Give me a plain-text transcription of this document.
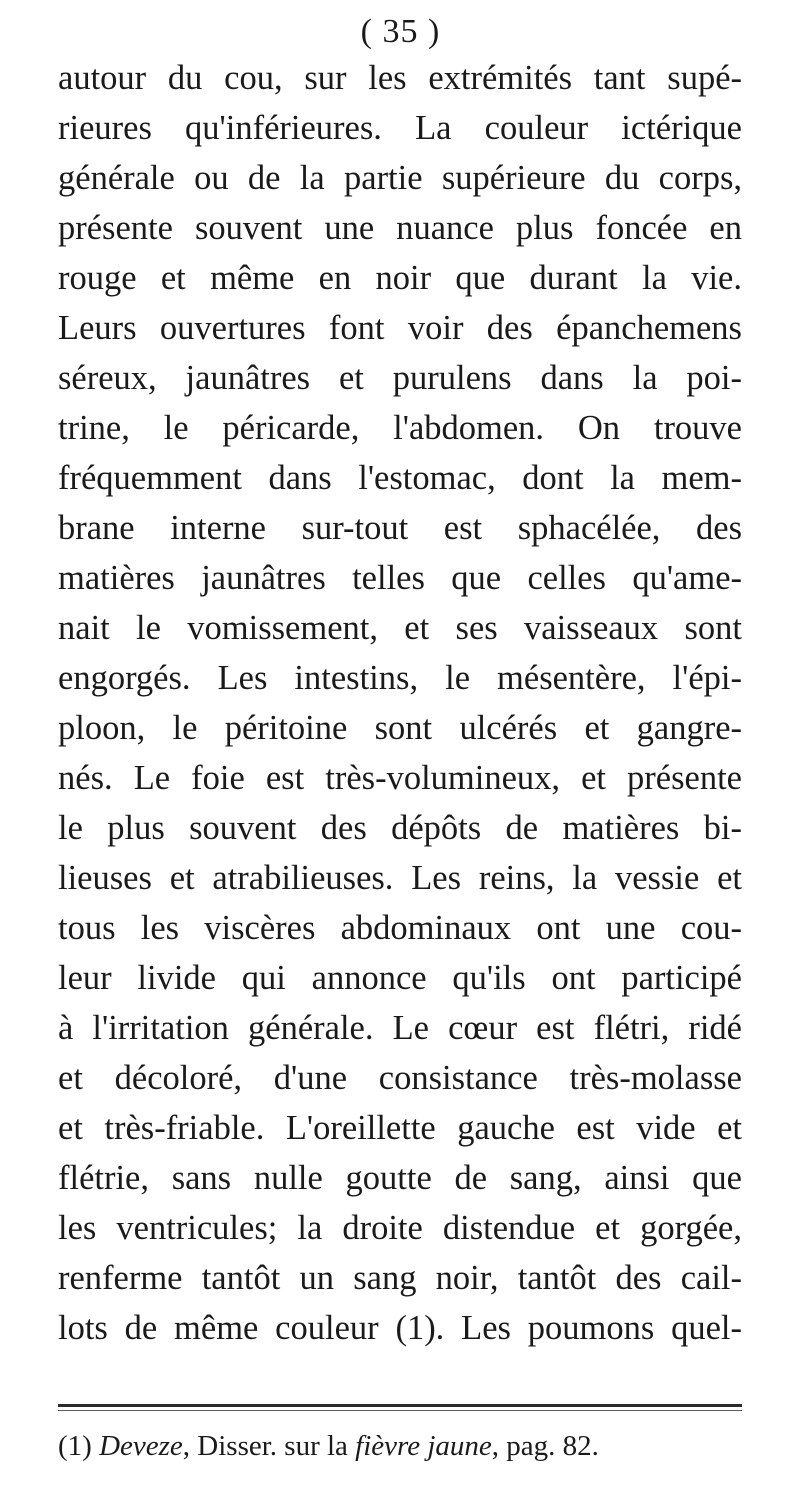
( 35 )
autour du cou, sur les extrémités tant supé-
rieures qu'inférieures. La couleur ictérique
générale ou de la partie supérieure du corps,
présente souvent une nuance plus foncée en
rouge et même en noir que durant la vie.
Leurs ouvertures font voir des épanchemens
séreux, jaunâtres et purulens dans la poi-
trine, le péricarde, l'abdomen. On trouve
fréquemment dans l'estomac, dont la mem-
brane interne sur-tout est sphacélée, des
matières jaunâtres telles que celles qu'ame-
nait le vomissement, et ses vaisseaux sont
engorgés. Les intestins, le mésentère, l'épi-
ploon, le péritoine sont ulcérés et gangre-
nés. Le foie est très-volumineux, et présente
le plus souvent des dépôts de matières bi-
lieuses et atrabilieuses. Les reins, la vessie et
tous les viscères abdominaux ont une cou-
leur livide qui annonce qu'ils ont participé
à l'irritation générale. Le cœur est flétri, ridé
et décoloré, d'une consistance très-molasse
et très-friable. L'oreillette gauche est vide et
flétrie, sans nulle goutte de sang, ainsi que
les ventricules; la droite distendue et gorgée,
renferme tantôt un sang noir, tantôt des cail-
lots de même couleur (1). Les poumons quel-
(1) Deveze, Disser. sur la fièvre jaune, pag. 82.
